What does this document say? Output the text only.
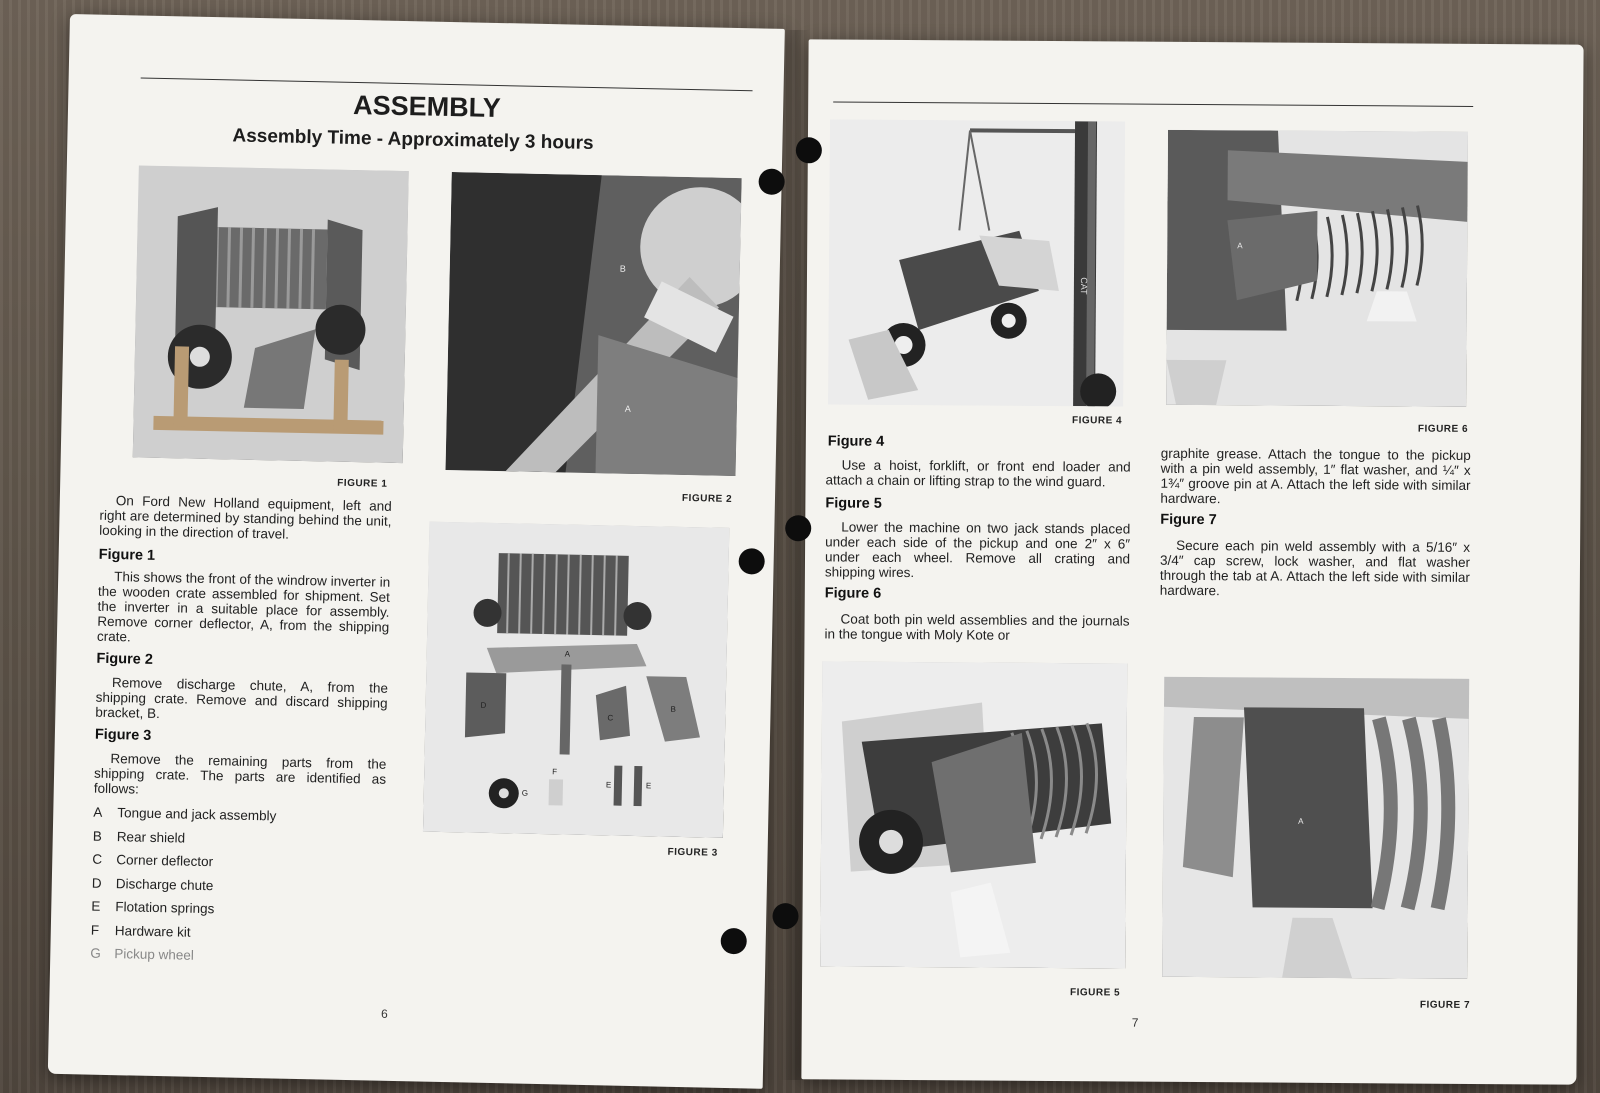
ASSEMBLY
Assembly Time - Approximately 3 hours
FIGURE 1
A
B
FIGURE 2

On Ford New Holland equipment, left and right are determined by standing behind the unit, looking in the direction of travel.

Figure 1

This shows the front of the windrow inverter in the wooden crate assembled for shipment. Set the inverter in a suitable place for assembly. Remove corner deflector, A, from the shipping crate.

Figure 2

Remove discharge chute, A, from the shipping crate. Remove and discard shipping bracket, B.

Figure 3

Remove the remaining parts from the shipping crate. The parts are identified as follows:

A Tongue and jack assembly
B Rear shield
C Corner deflector
D Discharge chute
E Flotation springs
F Hardware kit
G Pickup wheel
A
B
C
D
E	E
F
G
FIGURE 3
6
CAT
FIGURE 4
A
FIGURE 6
Figure 4

Use a hoist, forklift, or front end loader and attach a chain or lifting strap to the wind guard.

Figure 5

Lower the machine on two jack stands placed under each side of the pickup and one 2″ x 6″ under each wheel. Remove all crating and shipping wires.

Figure 6

Coat both pin weld assemblies and the journals in the tongue with Moly Kote or

graphite grease. Attach the tongue to the pickup with a pin weld assembly, 1″ flat washer, and ¼″ x 1¾″ groove pin at A. Attach the left side with similar hardware.

Figure 7

Secure each pin weld assembly with a 5/16″ x 3/4″ cap screw, lock washer, and flat washer through the tab at A. Attach the left side with similar hardware.

FIGURE 5
A
FIGURE 7
7
